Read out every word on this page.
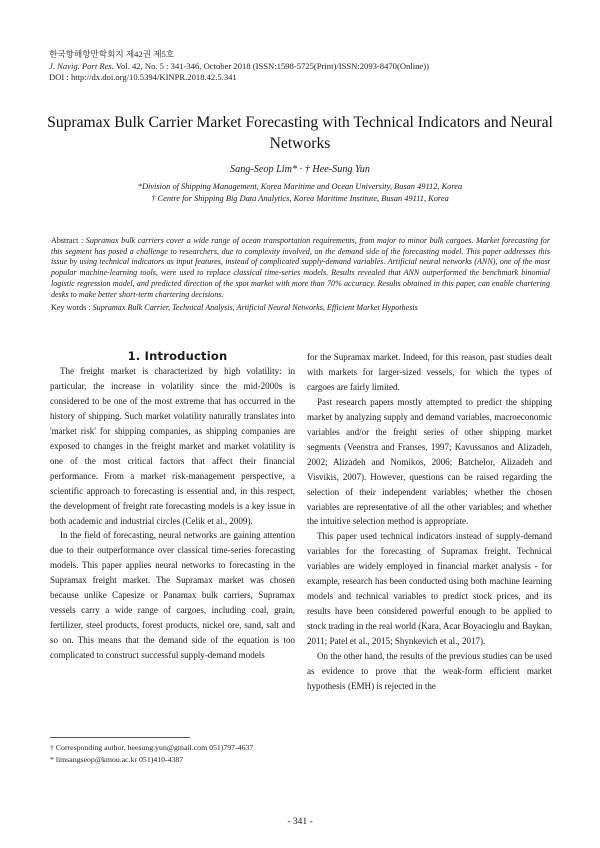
한국항해항만학회지 제42권 제5호
J. Navig. Port Res. Vol. 42, No. 5 : 341-346, October 2018 (ISSN:1598-5725(Print)/ISSN:2093-8470(Online))
DOI : http://dx.doi.org/10.5394/KINPR.2018.42.5.341
Supramax Bulk Carrier Market Forecasting with Technical Indicators and Neural Networks
Sang-Seop Lim* · † Hee-Sung Yun
*Division of Shipping Management, Korea Maritime and Ocean University, Busan 49112, Korea
† Centre for Shipping Big Data Analytics, Korea Maritime Institute, Busan 49111, Korea
Abstract : Supramax bulk carriers cover a wide range of ocean transportation requirements, from major to minor bulk cargoes. Market forecasting for this segment has posed a challenge to researchers, due to complexity involved, on the demand side of the forecasting model. This paper addresses this issue by using technical indicators as input features, instead of complicated supply-demand variables. Artificial neural networks (ANN), one of the most popular machine-learning tools, were used to replace classical time-series models. Results revealed that ANN outperformed the benchmark binomial logistic regression model, and predicted direction of the spot market with more than 70% accuracy. Results obtained in this paper, can enable chartering desks to make better short-term chartering decisions.
Key words : Supramax Bulk Carrier, Technical Analysis, Artificial Neural Networks, Efficient Market Hypothesis

1. Introduction

The freight market is characterized by high volatility: in particular, the increase in volatility since the mid-2000s is considered to be one of the most extreme that has occurred in the history of shipping. Such market volatility naturally translates into 'market risk' for shipping companies, as shipping companies are exposed to changes in the freight market and market volatility is one of the most critical factors that affect their financial performance. From a market risk-management perspective, a scientific approach to forecasting is essential and, in this respect, the development of freight rate forecasting models is a key issue in both academic and industrial circles (Celik et al., 2009).

In the field of forecasting, neural networks are gaining attention due to their outperformance over classical time-series forecasting models. This paper applies neural networks to forecasting in the Supramax freight market. The Supramax market was chosen because unlike Capesize or Panamax bulk carriers, Supramax vessels carry a wide range of cargoes, including coal, grain, fertilizer, steel products, forest products, nickel ore, sand, salt and so on. This means that the demand side of the equation is too complicated to construct successful supply-demand models

for the Supramax market. Indeed, for this reason, past studies dealt with markets for larger-sized vessels, for which the types of cargoes are fairly limited.

Past research papers mostly attempted to predict the shipping market by analyzing supply and demand variables, macroeconomic variables and/or the freight series of other shipping market segments (Veenstra and Franses, 1997; Kavussanos and Alizadeh, 2002; Alizadeh and Nomikos, 2006; Batchelor, Alizadeh and Visvikis, 2007). However, questions can be raised regarding the selection of their independent variables; whether the chosen variables are representative of all the other variables; and whether the intuitive selection method is appropriate.

This paper used technical indicators instead of supply-demand variables for the forecasting of Supramax freight. Technical variables are widely employed in financial market analysis - for example, research has been conducted using both machine learning models and technical variables to predict stock prices, and its results have been considered powerful enough to be applied to stock trading in the real world (Kara, Acar Boyacioglu and Baykan, 2011; Patel et al., 2015; Shynkevich et al., 2017).

On the other hand, the results of the previous studies can be used as evidence to prove that the weak-form efficient market hypothesis (EMH) is rejected in the

† Corresponding author, heesung.yun@gmail.com 051)797-4637
* limsangseop@kmou.ac.kr 051)410-4387
- 341 -
